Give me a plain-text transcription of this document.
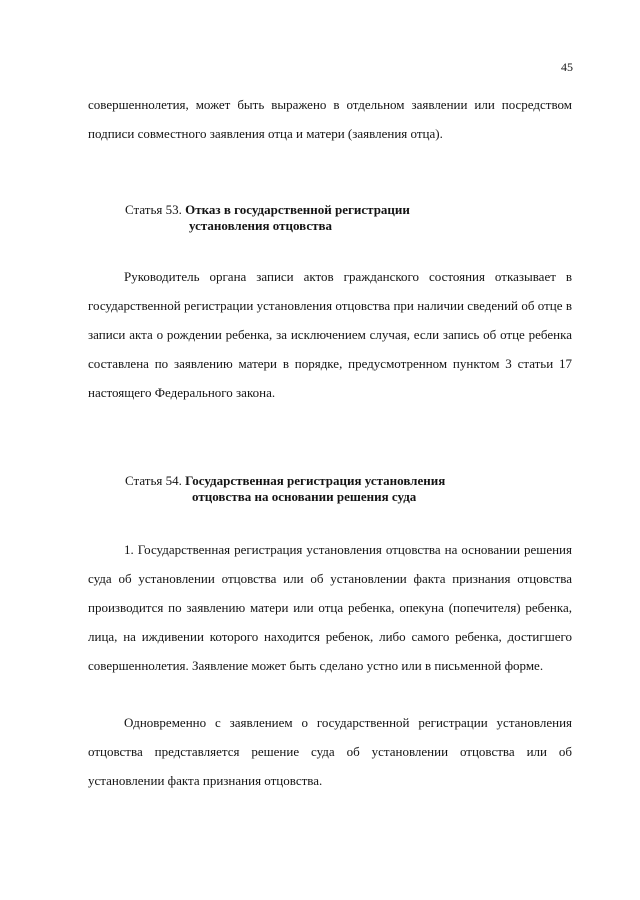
45

совершеннолетия, может быть выражено в отдельном заявлении или посредством подписи совместного заявления отца и матери (заявления отца).

Статья 53. Отказ в государственной регистрации
установления отцовства

Руководитель органа записи актов гражданского состояния отказывает в государственной регистрации установления отцовства при наличии сведений об отце в записи акта о рождении ребенка, за исключением случая, если запись об отце ребенка составлена по заявлению матери в порядке, предусмотренном пунктом 3 статьи 17 настоящего Федерального закона.

Статья 54. Государственная регистрация установления
отцовства на основании решения суда

1. Государственная регистрация установления отцовства на основании решения суда об установлении отцовства или об установлении факта признания отцовства производится по заявлению матери или отца ребенка, опекуна (попечителя) ребенка, лица, на иждивении которого находится ребенок, либо самого ребенка, достигшего совершеннолетия. Заявление может быть сделано устно или в письменной форме.

Одновременно с заявлением о государственной регистрации установления отцовства представляется решение суда об установлении отцовства или об установлении факта признания отцовства.
